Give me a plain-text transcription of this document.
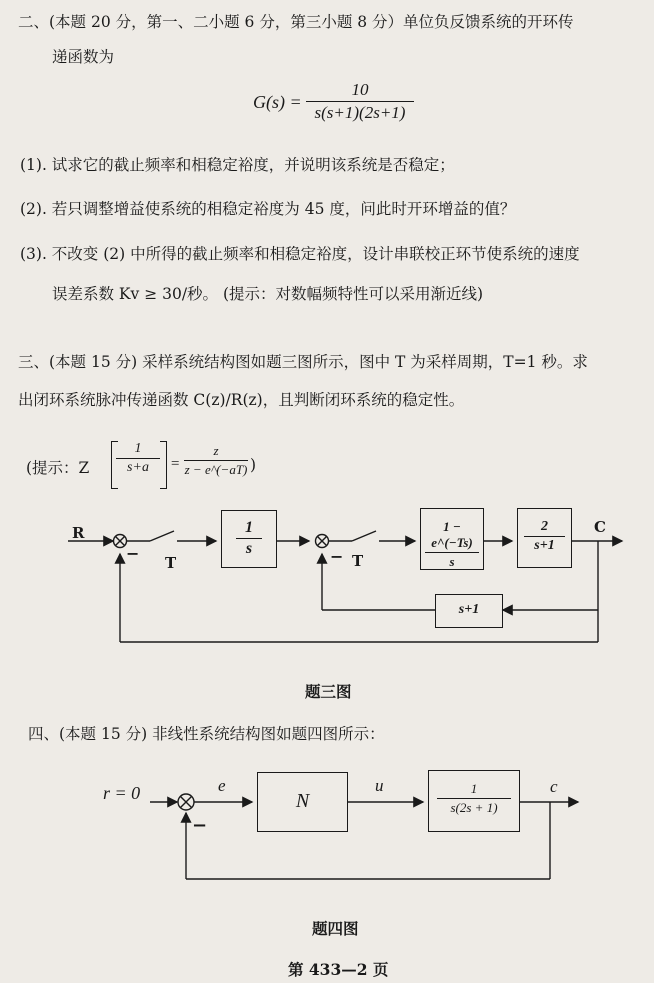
二、(本题 20 分，第一、二小题 6 分，第三小题 8 分）单位负反馈系统的开环传
递函数为
G(s) =
10
s(s+1)(2s+1)
(1). 试求它的截止频率和相稳定裕度，并说明该系统是否稳定；
(2). 若只调整增益使系统的相稳定裕度为 45 度，问此时开环增益的值？
(3). 不改变 (2) 中所得的截止频率和相稳定裕度，设计串联校正环节使系统的速度
误差系数 Kv ≥ 30/秒。 (提示：对数幅频特性可以采用渐近线)
三、(本题 15 分) 采样系统结构图如题三图所示，图中 T 为采样周期，T=1 秒。求
出闭环系统脉冲传递函数 C(z)/R(z)，且判断闭环系统的稳定性。
(提示：Z
1
s+a	=
z
z − e^(−aT) )
R	C
− T	− T
1
s
1 − e^(−Ts)
s
2
s+1
s+1
题三图
四、(本题 15 分) 非线性系统结构图如题四图所示：
r = 0	e	u	c
−
N
1
s(2s + 1)
题四图
第 433—2 页
